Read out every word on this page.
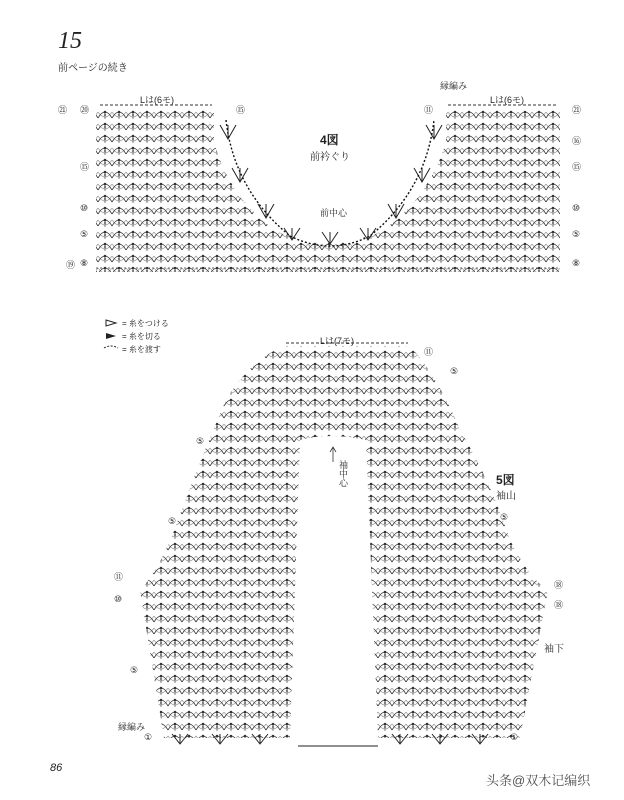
15
前ページの続き
4図
前衿ぐり
Lは(6モ)	Lは(6モ)
縁編み
前中心
㉑ ⑳	⑮
⑮
⑩
⑤
⑲ ⑧
⑪	㉑
⑯
⑮
⑩
⑤
⑧
= 糸をつける
= 糸を切る
= 糸を渡す
Lは(7モ)
5図
袖山
袖中心
袖下
縁編み
⑤
⑤
⑪
⑩
⑤
①
⑪
⑤
⑤
⑱
⑱
①
86
头条@双木记编织
